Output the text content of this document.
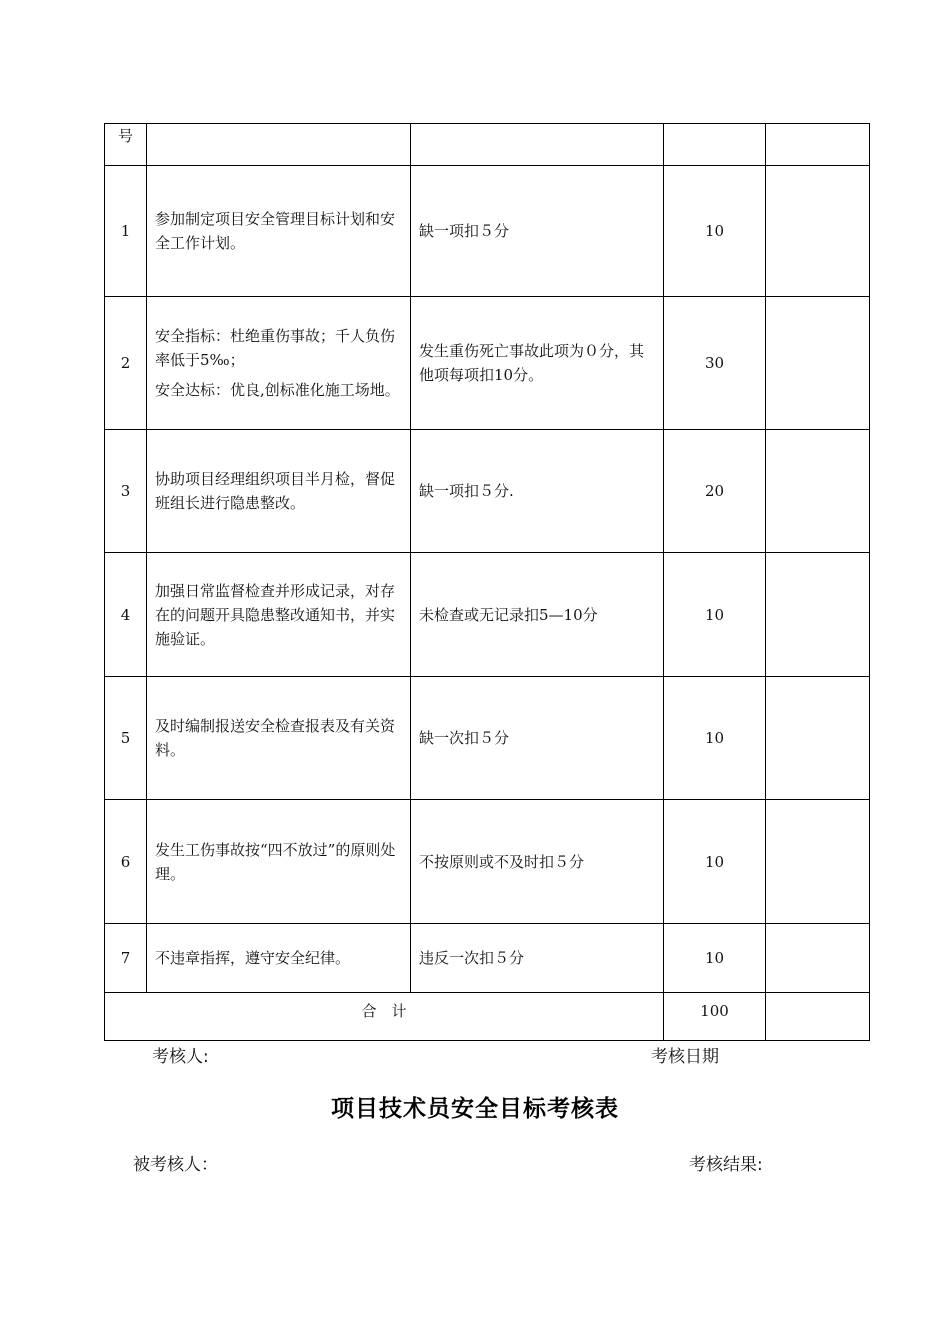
号				
1	参加制定项目安全管理目标计划和安全工作计划。	缺一项扣５分	10	
2	安全指标：杜绝重伤事故；千人负伤率低于5‰；
安全达标：优良,创标准化施工场地。	发生重伤死亡事故此项为０分，其他项每项扣10分。	30	
3	协助项目经理组织项目半月检，督促班组长进行隐患整改。	缺一项扣５分.	20	
4	加强日常监督检查并形成记录，对存在的问题开具隐患整改通知书，并实施验证。	未检查或无记录扣5—10分	10	
5	及时编制报送安全检查报表及有关资料。	缺一次扣５分	10	
6	发生工伤事故按“四不放过”的原则处理。	不按原则或不及时扣５分	10	
7	不违章指挥，遵守安全纪律。	违反一次扣５分	10	
合　计			100	
考核人:	考核日期
项目技术员安全目标考核表
被考核人：	考核结果:
